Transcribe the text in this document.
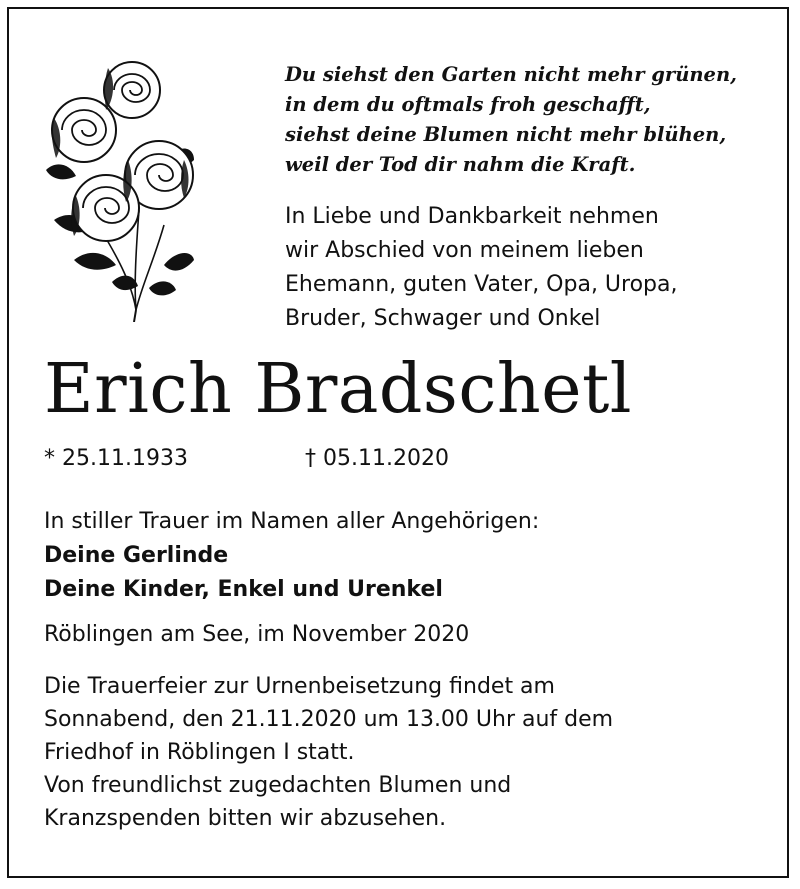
Du siehst den Garten nicht mehr grünen,
in dem du oftmals froh geschafft,
siehst deine Blumen nicht mehr blühen,
weil der Tod dir nahm die Kraft.
In Liebe und Dankbarkeit nehmen
wir Abschied von meinem lieben
Ehemann, guten Vater, Opa, Uropa,
Bruder, Schwager und Onkel
Erich Bradschetl
* 25.11.1933	† 05.11.2020
In stiller Trauer im Namen aller Angehörigen:
Deine Gerlinde
Deine Kinder, Enkel und Urenkel
Röblingen am See, im November 2020
Die Trauerfeier zur Urnenbeisetzung findet am
Sonnabend, den 21.11.2020 um 13.00 Uhr auf dem
Friedhof in Röblingen I statt.
Von freundlichst zugedachten Blumen und
Kranzspenden bitten wir abzusehen.
